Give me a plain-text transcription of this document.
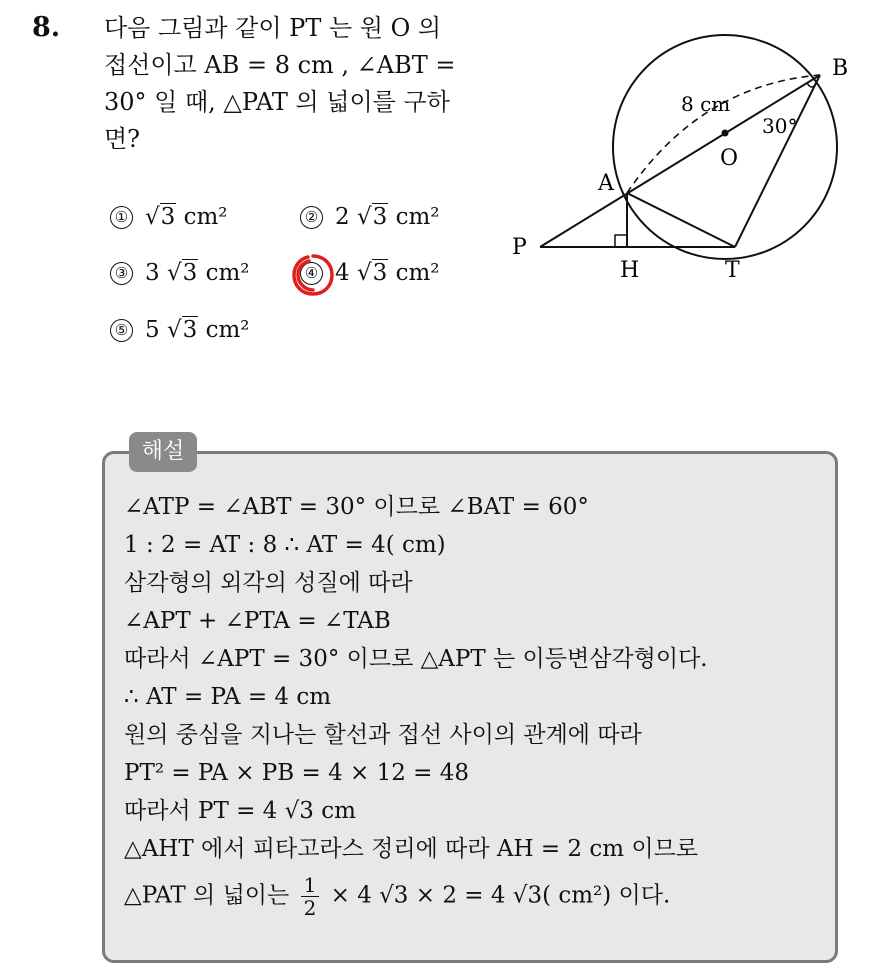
8. 다음 그림과 같이 PT 는 원 O 의
접선이고 AB = 8 cm , ∠ABT =
30° 일 때, △PAT 의 넓이를 구하
면?
① √3 cm²	② 2 √3 cm²
③ 3 √3 cm²	④ 4 √3 cm²
⑤ 5 √3 cm²
B
A
O
P
H	T
8 cm
30°
해설
∠ATP = ∠ABT = 30° 이므로 ∠BAT = 60°
1 : 2 = AT : 8 ∴ AT = 4( cm)
삼각형의 외각의 성질에 따라
∠APT + ∠PTA = ∠TAB
따라서 ∠APT = 30° 이므로 △APT 는 이등변삼각형이다.
∴ AT = PA = 4 cm
원의 중심을 지나는 할선과 접선 사이의 관계에 따라
PT² = PA × PB = 4 × 12 = 48
따라서 PT = 4 √3 cm
△AHT 에서 피타고라스 정리에 따라 AH = 2 cm 이므로
△PAT 의 넓이는 $\frac{1}{2} \times 4$ √3 × 2 = 4 √3( cm²) 이다.
